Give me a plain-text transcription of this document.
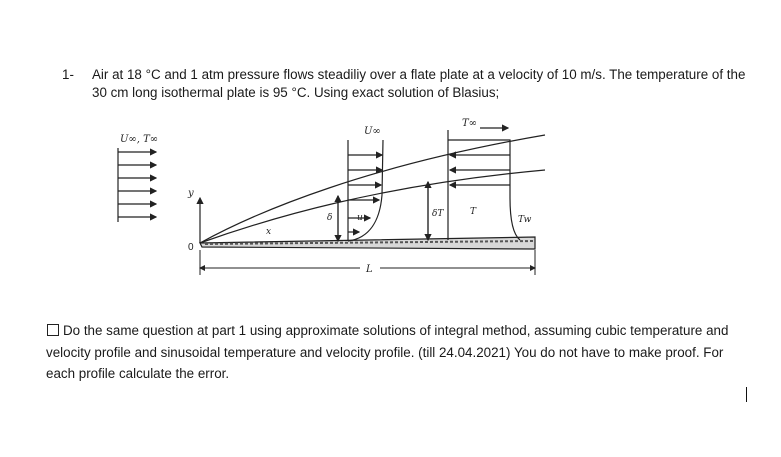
1- Air at 18 °C and 1 atm pressure flows steadiliy over a flate plate at a velocity of 10 m/s. The temperature of the 30 cm long isothermal plate is 95 °C. Using exact solution of Blasius;
U∞, T∞
y
0
x
U∞
T∞
δ	u	δT	T
Tw
L
Do the same question at part 1 using approximate solutions of integral method, assuming cubic temperature and velocity profile and sinusoidal temperature and velocity profile. (till 24.04.2021) You do not have to make proof. For each profile calculate the error.
